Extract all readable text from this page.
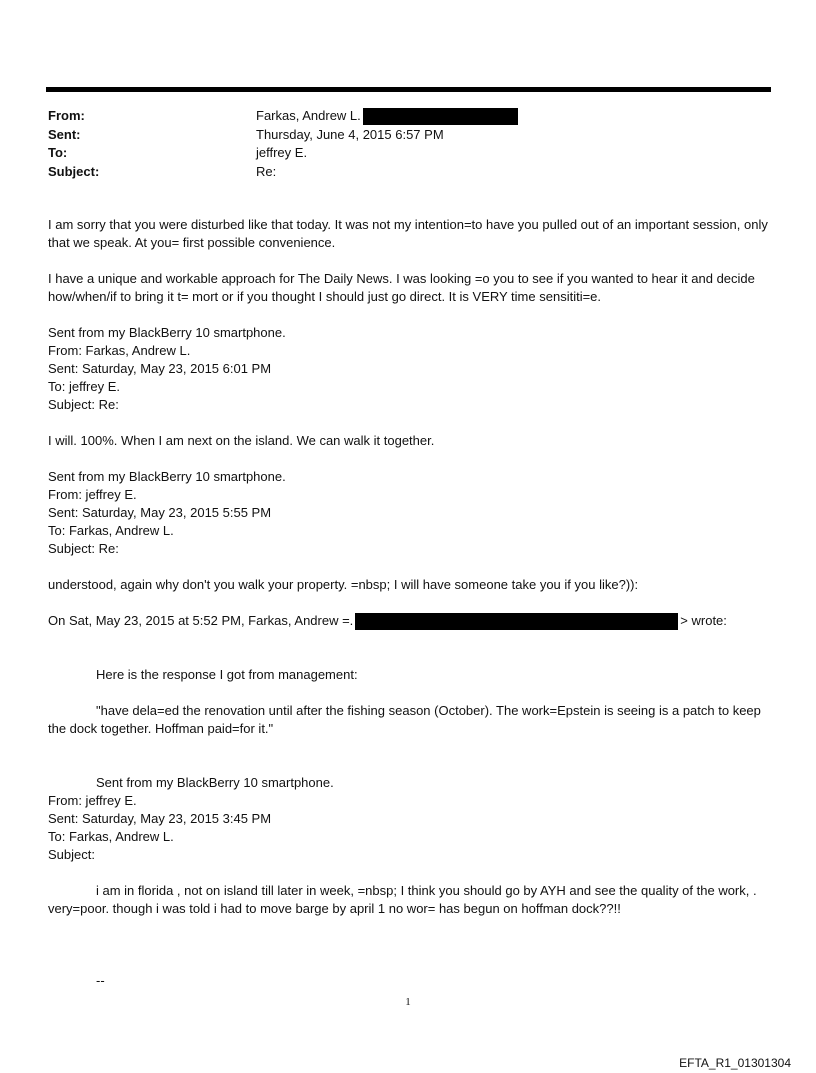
From:	Farkas, Andrew L.
Sent:	Thursday, June 4, 2015 6:57 PM
To:	jeffrey E.
Subject:	Re:

I am sorry that you were disturbed like that today. It was not my intention=to have you pulled out of an important session, only that we speak. At you= first possible convenience.

I have a unique and workable approach for The Daily News. I was looking =o you to see if you wanted to hear it and decide how/when/if to bring it t= mort or if you thought I should just go direct. It is VERY time sensititi=e.

Sent from my BlackBerry 10 smartphone.

From: Farkas, Andrew L.

Sent: Saturday, May 23, 2015 6:01 PM

To: jeffrey E.

Subject: Re:

I will. 100%. When I am next on the island. We can walk it together.

Sent from my BlackBerry 10 smartphone.

From: jeffrey E.

Sent: Saturday, May 23, 2015 5:55 PM

To: Farkas, Andrew L.

Subject: Re:

understood, again why don't you walk your property. =nbsp; I will have someone take you if you like?)):

On Sat, May 23, 2015 at 5:52 PM, Farkas, Andrew =.	> wrote:

Here is the response I got from management:

"have dela=ed the renovation until after the fishing season (October). The work=Epstein is seeing is a patch to keep the dock together. Hoffman paid=for it."

Sent from my BlackBerry 10 smartphone.

From: jeffrey E.

Sent: Saturday, May 23, 2015 3:45 PM

To: Farkas, Andrew L.

Subject:

i am in florida , not on island till later in week, =nbsp; I think you should go by AYH and see the quality of the work, . very=poor. though i was told i had to move barge by april 1 no wor= has begun on hoffman dock??!!

--

1
EFTA_R1_01301304
